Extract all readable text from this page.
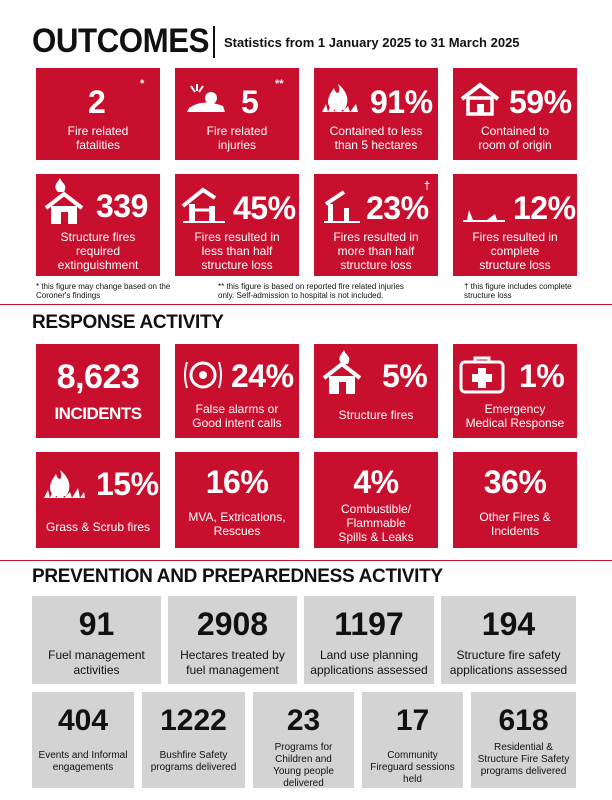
OUTCOMES Statistics from 1 January 2025 to 31 March 2025
2	*
Fire related fatalities
5 **
Fire related injuries
91%
Contained to less than 5 hectares
59%
Contained to room of origin
339
Structure fires required extinguishment
45%
Fires resulted in less than half structure loss
23%
†
Fires resulted in more than half structure loss
12%
Fires resulted in complete structure loss
* this figure may change based on the Coroner's findings
** this figure is based on reported fire related injuries only. Self-admission to hospital is not included.
† this figure includes complete structure loss
RESPONSE ACTIVITY
8,623
INCIDENTS
24%
False alarms or Good intent calls
5%
Structure fires
1%
Emergency Medical Response
15%
Grass & Scrub fires
16%
MVA, Extrications, Rescues
4%
Combustible/ Flammable Spills & Leaks
36%
Other Fires & Incidents
PREVENTION AND PREPAREDNESS ACTIVITY
91
Fuel management activities
2908
Hectares treated by fuel management
1197
Land use planning applications assessed
194
Structure fire safety applications assessed
404
Events and Informal engagements
1222
Bushfire Safety programs delivered
23
Programs for Children and Young people delivered
17
Community Fireguard sessions held
618
Residential & Structure Fire Safety programs delivered
